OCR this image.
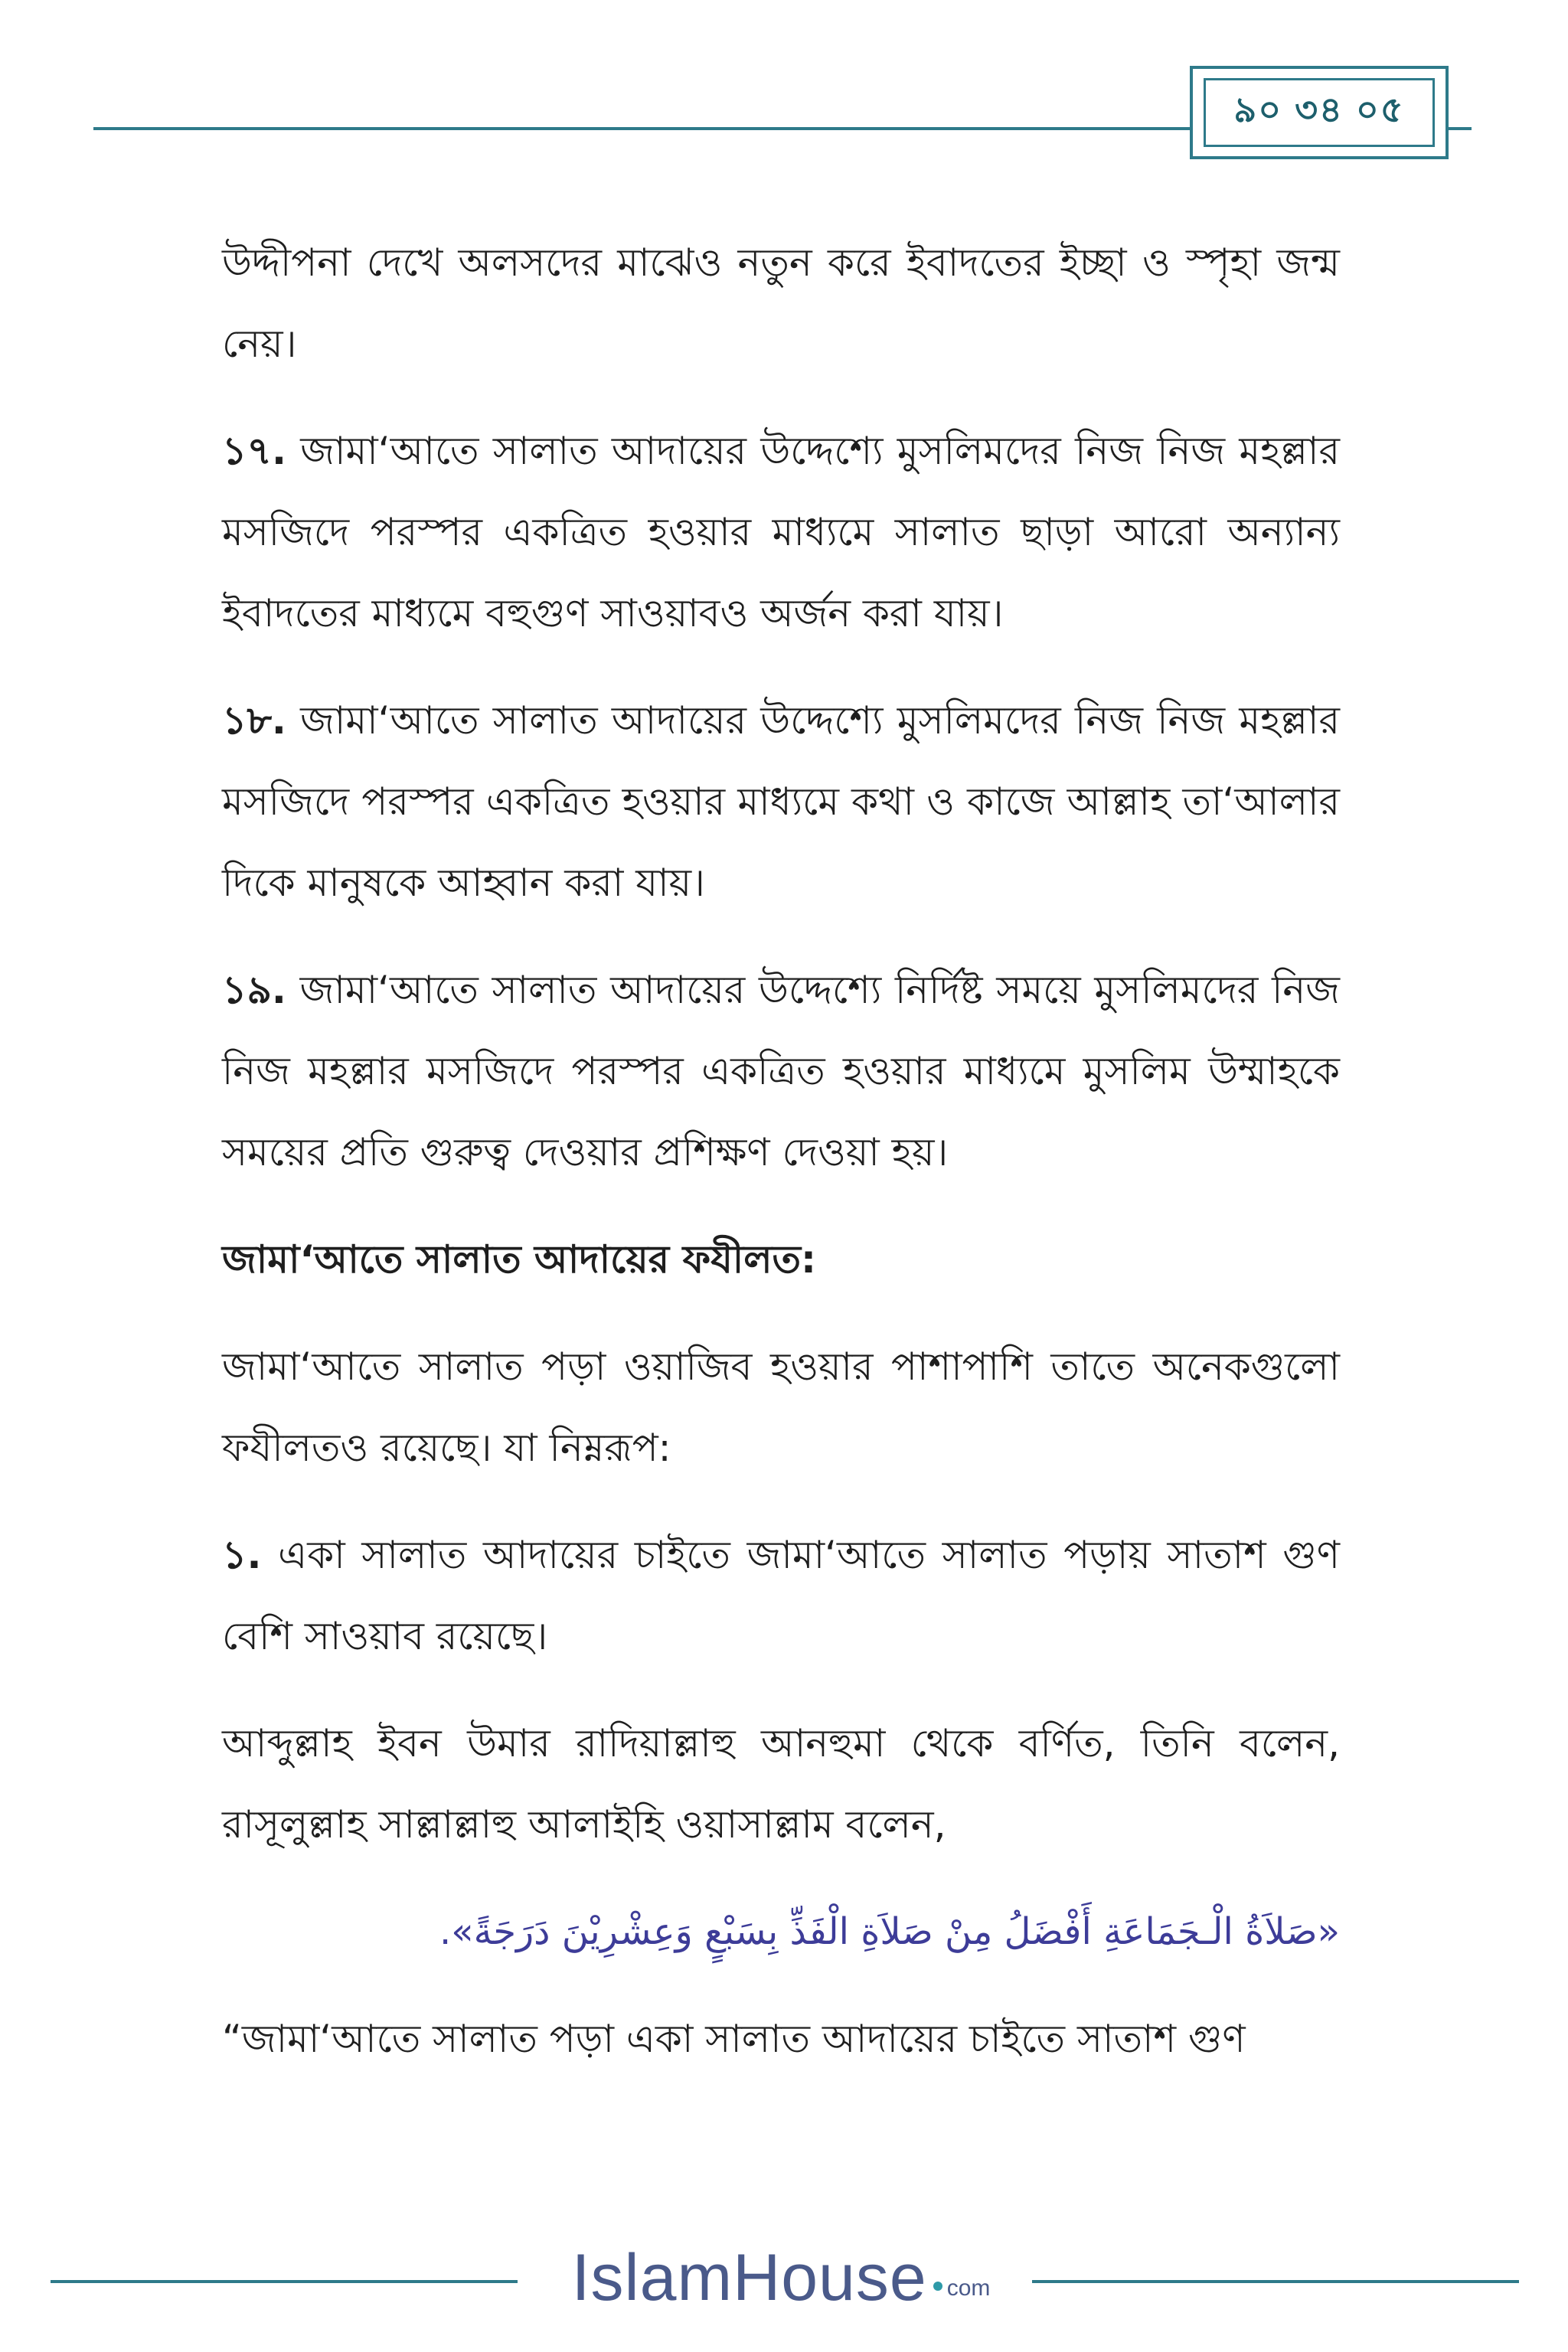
৯০ ৩৪ ০৫

উদ্দীপনা দেখে অলসদের মাঝেও নতুন করে ইবাদতের ইচ্ছা ও স্পৃহা জন্ম নেয়।

১৭. জামা‘আতে সালাত আদায়ের উদ্দেশ্যে মুসলিমদের নিজ নিজ মহল্লার মসজিদে পরস্পর একত্রিত হওয়ার মাধ্যমে সালাত ছাড়া আরো অন্যান্য ইবাদতের মাধ্যমে বহুগুণ সাওয়াবও অর্জন করা যায়।

১৮. জামা‘আতে সালাত আদায়ের উদ্দেশ্যে মুসলিমদের নিজ নিজ মহল্লার মসজিদে পরস্পর একত্রিত হওয়ার মাধ্যমে কথা ও কাজে আল্লাহ তা‘আলার দিকে মানুষকে আহ্বান করা যায়।

১৯. জামা‘আতে সালাত আদায়ের উদ্দেশ্যে নির্দিষ্ট সময়ে মুসলিমদের নিজ নিজ মহল্লার মসজিদে পরস্পর একত্রিত হওয়ার মাধ্যমে মুসলিম উম্মাহকে সময়ের প্রতি গুরুত্ব দেওয়ার প্রশিক্ষণ দেওয়া হয়।

জামা‘আতে সালাত আদায়ের ফযীলত:

জামা‘আতে সালাত পড়া ওয়াজিব হওয়ার পাশাপাশি তাতে অনেকগুলো ফযীলতও রয়েছে। যা নিম্নরূপ:

১. একা সালাত আদায়ের চাইতে জামা‘আতে সালাত পড়ায় সাতাশ গুণ বেশি সাওয়াব রয়েছে।

আব্দুল্লাহ ইবন উমার রাদিয়াল্লাহু আনহুমা থেকে বর্ণিত, তিনি বলেন, রাসূলুল্লাহ সাল্লাল্লাহু আলাইহি ওয়াসাল্লাম বলেন,

«صَلاَةُ الْـجَمَاعَةِ أَفْضَلُ مِنْ صَلاَةِ الْفَذِّ بِسَبْعٍ وَعِشْرِيْنَ دَرَجَةً».

“জামা‘আতে সালাত পড়া একা সালাত আদায়ের চাইতে সাতাশ গুণ

IslamHouse com
